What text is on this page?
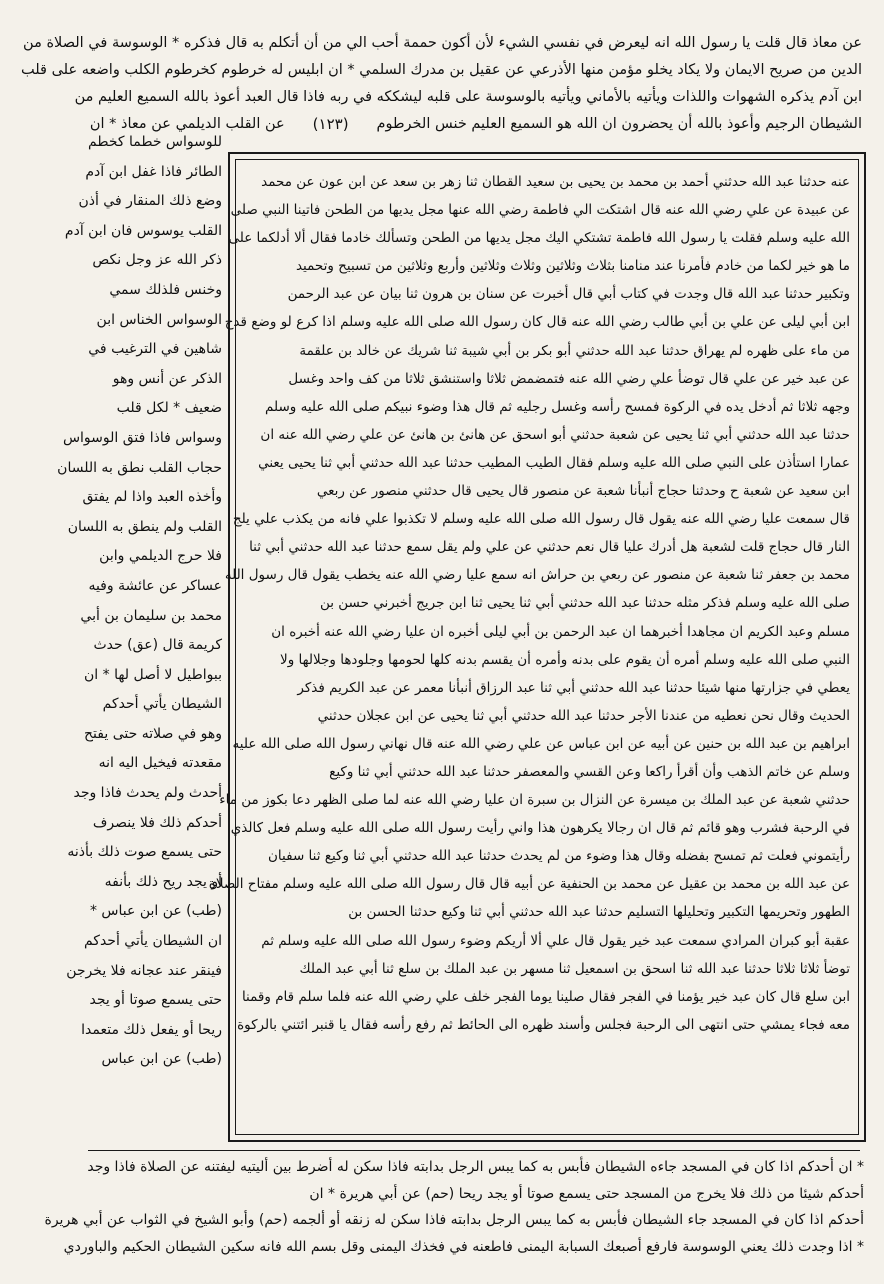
عن معاذ قال قلت يا رسول الله انه ليعرض في نفسي الشيء لأن أكون حممة أحب الي من أن أتكلم به قال فذكره * الوسوسة في الصلاة من
الدين من صريح الايمان ولا يكاد يخلو مؤمن منها الأذرعي عن عقيل بن مدرك السلمي * ان ابليس له خرطوم كخرطوم الكلب واضعه على قلب
ابن آدم يذكره الشهوات واللذات ويأتيه بالأماني ويأتيه بالوسوسة على قلبه ليشككه في ربه فاذا قال العبد أعوذ بالله السميع العليم من
الشيطان الرجيم وأعوذ بالله أن يحضرون ان الله هو السميع العليم خنس الخرطوم
(١٢٣)
عن القلب الديلمي عن معاذ * ان
عنه حدثنا عبد الله حدثني أحمد بن محمد بن يحيى بن سعيد القطان ثنا زهر بن سعد عن ابن عون عن محمد
عن عبيدة عن علي رضي الله عنه قال اشتكت الي فاطمة رضي الله عنها مجل يديها من الطحن فاتينا النبي صلى
الله عليه وسلم فقلت يا رسول الله فاطمة تشتكي اليك مجل يديها من الطحن وتسألك خادما فقال ألا أدلكما على
ما هو خير لكما من خادم فأمرنا عند منامنا بثلاث وثلاثين وثلاث وثلاثين وأربع وثلاثين من تسبيح وتحميد
وتكبير حدثنا عبد الله قال وجدت في كتاب أبي قال أخبرت عن سنان بن هرون ثنا بيان عن عبد الرحمن
ابن أبي ليلى عن علي بن أبي طالب رضي الله عنه قال كان رسول الله صلى الله عليه وسلم اذا كرع لو وضع قدح
من ماء على ظهره لم يهراق حدثنا عبد الله حدثني أبو بكر بن أبي شيبة ثنا شريك عن خالد بن علقمة
عن عبد خير عن علي قال توضأ علي رضي الله عنه فتمضمض ثلاثا واستنشق ثلاثا من كف واحد وغسل
وجهه ثلاثا ثم أدخل يده في الركوة فمسح رأسه وغسل رجليه ثم قال هذا وضوء نبيكم صلى الله عليه وسلم
حدثنا عبد الله حدثني أبي ثنا يحيى عن شعبة حدثني أبو اسحق عن هانئ بن هانئ عن علي رضي الله عنه ان
عمارا استأذن على النبي صلى الله عليه وسلم فقال الطيب المطيب حدثنا عبد الله حدثني أبي ثنا يحيى يعني
ابن سعيد عن شعبة ح وحدثنا حجاج أنبأنا شعبة عن منصور قال يحيى قال حدثني منصور عن ربعي
قال سمعت عليا رضي الله عنه يقول قال رسول الله صلى الله عليه وسلم لا تكذبوا علي فانه من يكذب علي يلج
النار قال حجاج قلت لشعبة هل أدرك عليا قال نعم حدثني عن علي ولم يقل سمع حدثنا عبد الله حدثني أبي ثنا
محمد بن جعفر ثنا شعبة عن منصور عن ربعي بن حراش انه سمع عليا رضي الله عنه يخطب يقول قال رسول الله
صلى الله عليه وسلم فذكر مثله حدثنا عبد الله حدثني أبي ثنا يحيى ثنا ابن جريج أخبرني حسن بن
مسلم وعبد الكريم ان مجاهدا أخبرهما ان عبد الرحمن بن أبي ليلى أخبره ان عليا رضي الله عنه أخبره ان
النبي صلى الله عليه وسلم أمره أن يقوم على بدنه وأمره أن يقسم بدنه كلها لحومها وجلودها وجلالها ولا
يعطي في جزارتها منها شيئا حدثنا عبد الله حدثني أبي ثنا عبد الرزاق أنبأنا معمر عن عبد الكريم فذكر
الحديث وقال نحن نعطيه من عندنا الأجر حدثنا عبد الله حدثني أبي ثنا يحيى عن ابن عجلان حدثني
ابراهيم بن عبد الله بن حنين عن أبيه عن ابن عباس عن علي رضي الله عنه قال نهاني رسول الله صلى الله عليه
وسلم عن خاتم الذهب وأن أقرأ راكعا وعن القسي والمعصفر حدثنا عبد الله حدثني أبي ثنا وكيع
حدثني شعبة عن عبد الملك بن ميسرة عن النزال بن سبرة ان عليا رضي الله عنه لما صلى الظهر دعا بكوز من ماء
في الرحبة فشرب وهو قائم ثم قال ان رجالا يكرهون هذا واني رأيت رسول الله صلى الله عليه وسلم فعل كالذي
رأيتموني فعلت ثم تمسح بفضله وقال هذا وضوء من لم يحدث حدثنا عبد الله حدثني أبي ثنا وكيع ثنا سفيان
عن عبد الله بن محمد بن عقيل عن محمد بن الحنفية عن أبيه قال قال رسول الله صلى الله عليه وسلم مفتاح الصلاة
الطهور وتحريمها التكبير وتحليلها التسليم حدثنا عبد الله حدثني أبي ثنا وكيع حدثنا الحسن بن
عقبة أبو كبران المرادي سمعت عبد خير يقول قال علي ألا أريكم وضوء رسول الله صلى الله عليه وسلم ثم
توضأ ثلاثا ثلاثا حدثنا عبد الله ثنا اسحق بن اسمعيل ثنا مسهر بن عبد الملك بن سلع ثنا أبي عبد الملك
ابن سلع قال كان عبد خير يؤمنا في الفجر فقال صلينا يوما الفجر خلف علي رضي الله عنه فلما سلم قام وقمنا
معه فجاء يمشي حتى انتهى الى الرحبة فجلس وأسند ظهره الى الحائط ثم رفع رأسه فقال يا قنبر ائتني بالركوة
للوسواس خطما كخطم
الطائر فاذا غفل ابن آدم
وضع ذلك المنقار في أذن
القلب يوسوس فان ابن آدم
ذكر الله عز وجل نكص
وخنس فلذلك سمي
الوسواس الخناس ابن
شاهين في الترغيب في
الذكر عن أنس وهو
ضعيف * لكل قلب
وسواس فاذا فتق الوسواس
حجاب القلب نطق به اللسان
وأخذه العبد واذا لم يفتق
القلب ولم ينطق به اللسان
فلا حرج الديلمي وابن
عساكر عن عائشة وفيه
محمد بن سليمان بن أبي
كريمة قال (عق) حدث
ببواطيل لا أصل لها * ان
الشيطان يأتي أحدكم
وهو في صلاته حتى يفتح
مقعدته فيخيل اليه انه
أحدث ولم يحدث فاذا وجد
أحدكم ذلك فلا ينصرف
حتى يسمع صوت ذلك بأذنه
أو يجد ريح ذلك بأنفه
(طب) عن ابن عباس *
ان الشيطان يأتي أحدكم
فينقر عند عجانه فلا يخرجن
حتى يسمع صوتا أو يجد
ريحا أو يفعل ذلك متعمدا
(طب) عن ابن عباس
* ان أحدكم اذا كان في المسجد جاءه الشيطان فأبس به كما يبس الرجل بدابته فاذا سكن له أضرط بين أليتيه ليفتنه عن الصلاة فاذا وجد
أحدكم شيئا من ذلك فلا يخرج من المسجد حتى يسمع صوتا أو يجد ريحا (حم) عن أبي هريرة * ان
أحدكم اذا كان في المسجد جاء الشيطان فأبس به كما يبس الرجل بدابته فاذا سكن له زنقه أو ألجمه (حم) وأبو الشيخ في الثواب عن أبي هريرة
* اذا وجدت ذلك يعني الوسوسة فارفع أصبعك السبابة اليمنى فاطعنه في فخذك اليمنى وقل بسم الله فانه سكين الشيطان الحكيم والباوردي
